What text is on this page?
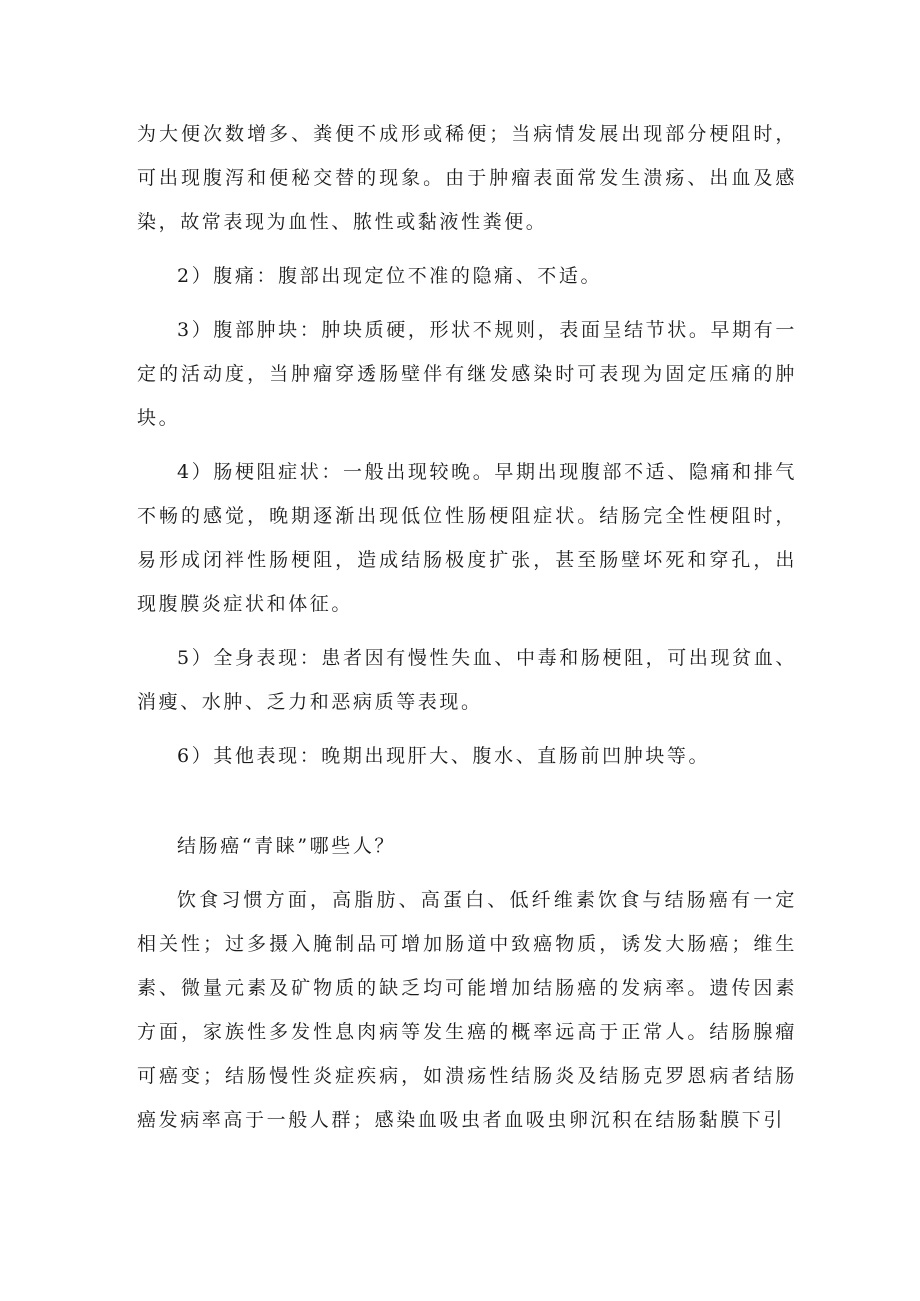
为大便次数增多、粪便不成形或稀便；当病情发展出现部分梗阻时，可出现腹泻和便秘交替的现象。由于肿瘤表面常发生溃疡、出血及感染，故常表现为血性、脓性或黏液性粪便。

2）腹痛：腹部出现定位不准的隐痛、不适。

3）腹部肿块：肿块质硬，形状不规则，表面呈结节状。早期有一定的活动度，当肿瘤穿透肠壁伴有继发感染时可表现为固定压痛的肿块。

4）肠梗阻症状：一般出现较晚。早期出现腹部不适、隐痛和排气不畅的感觉，晚期逐渐出现低位性肠梗阻症状。结肠完全性梗阻时，易形成闭袢性肠梗阻，造成结肠极度扩张，甚至肠壁坏死和穿孔，出现腹膜炎症状和体征。

5）全身表现：患者因有慢性失血、中毒和肠梗阻，可出现贫血、消瘦、水肿、乏力和恶病质等表现。

6）其他表现：晚期出现肝大、腹水、直肠前凹肿块等。

结肠癌“青睐”哪些人？

饮食习惯方面，高脂肪、高蛋白、低纤维素饮食与结肠癌有一定相关性；过多摄入腌制品可增加肠道中致癌物质，诱发大肠癌；维生素、微量元素及矿物质的缺乏均可能增加结肠癌的发病率。遗传因素方面，家族性多发性息肉病等发生癌的概率远高于正常人。结肠腺瘤可癌变；结肠慢性炎症疾病，如溃疡性结肠炎及结肠克罗恩病者结肠癌发病率高于一般人群；感染血吸虫者血吸虫卵沉积在结肠黏膜下引
